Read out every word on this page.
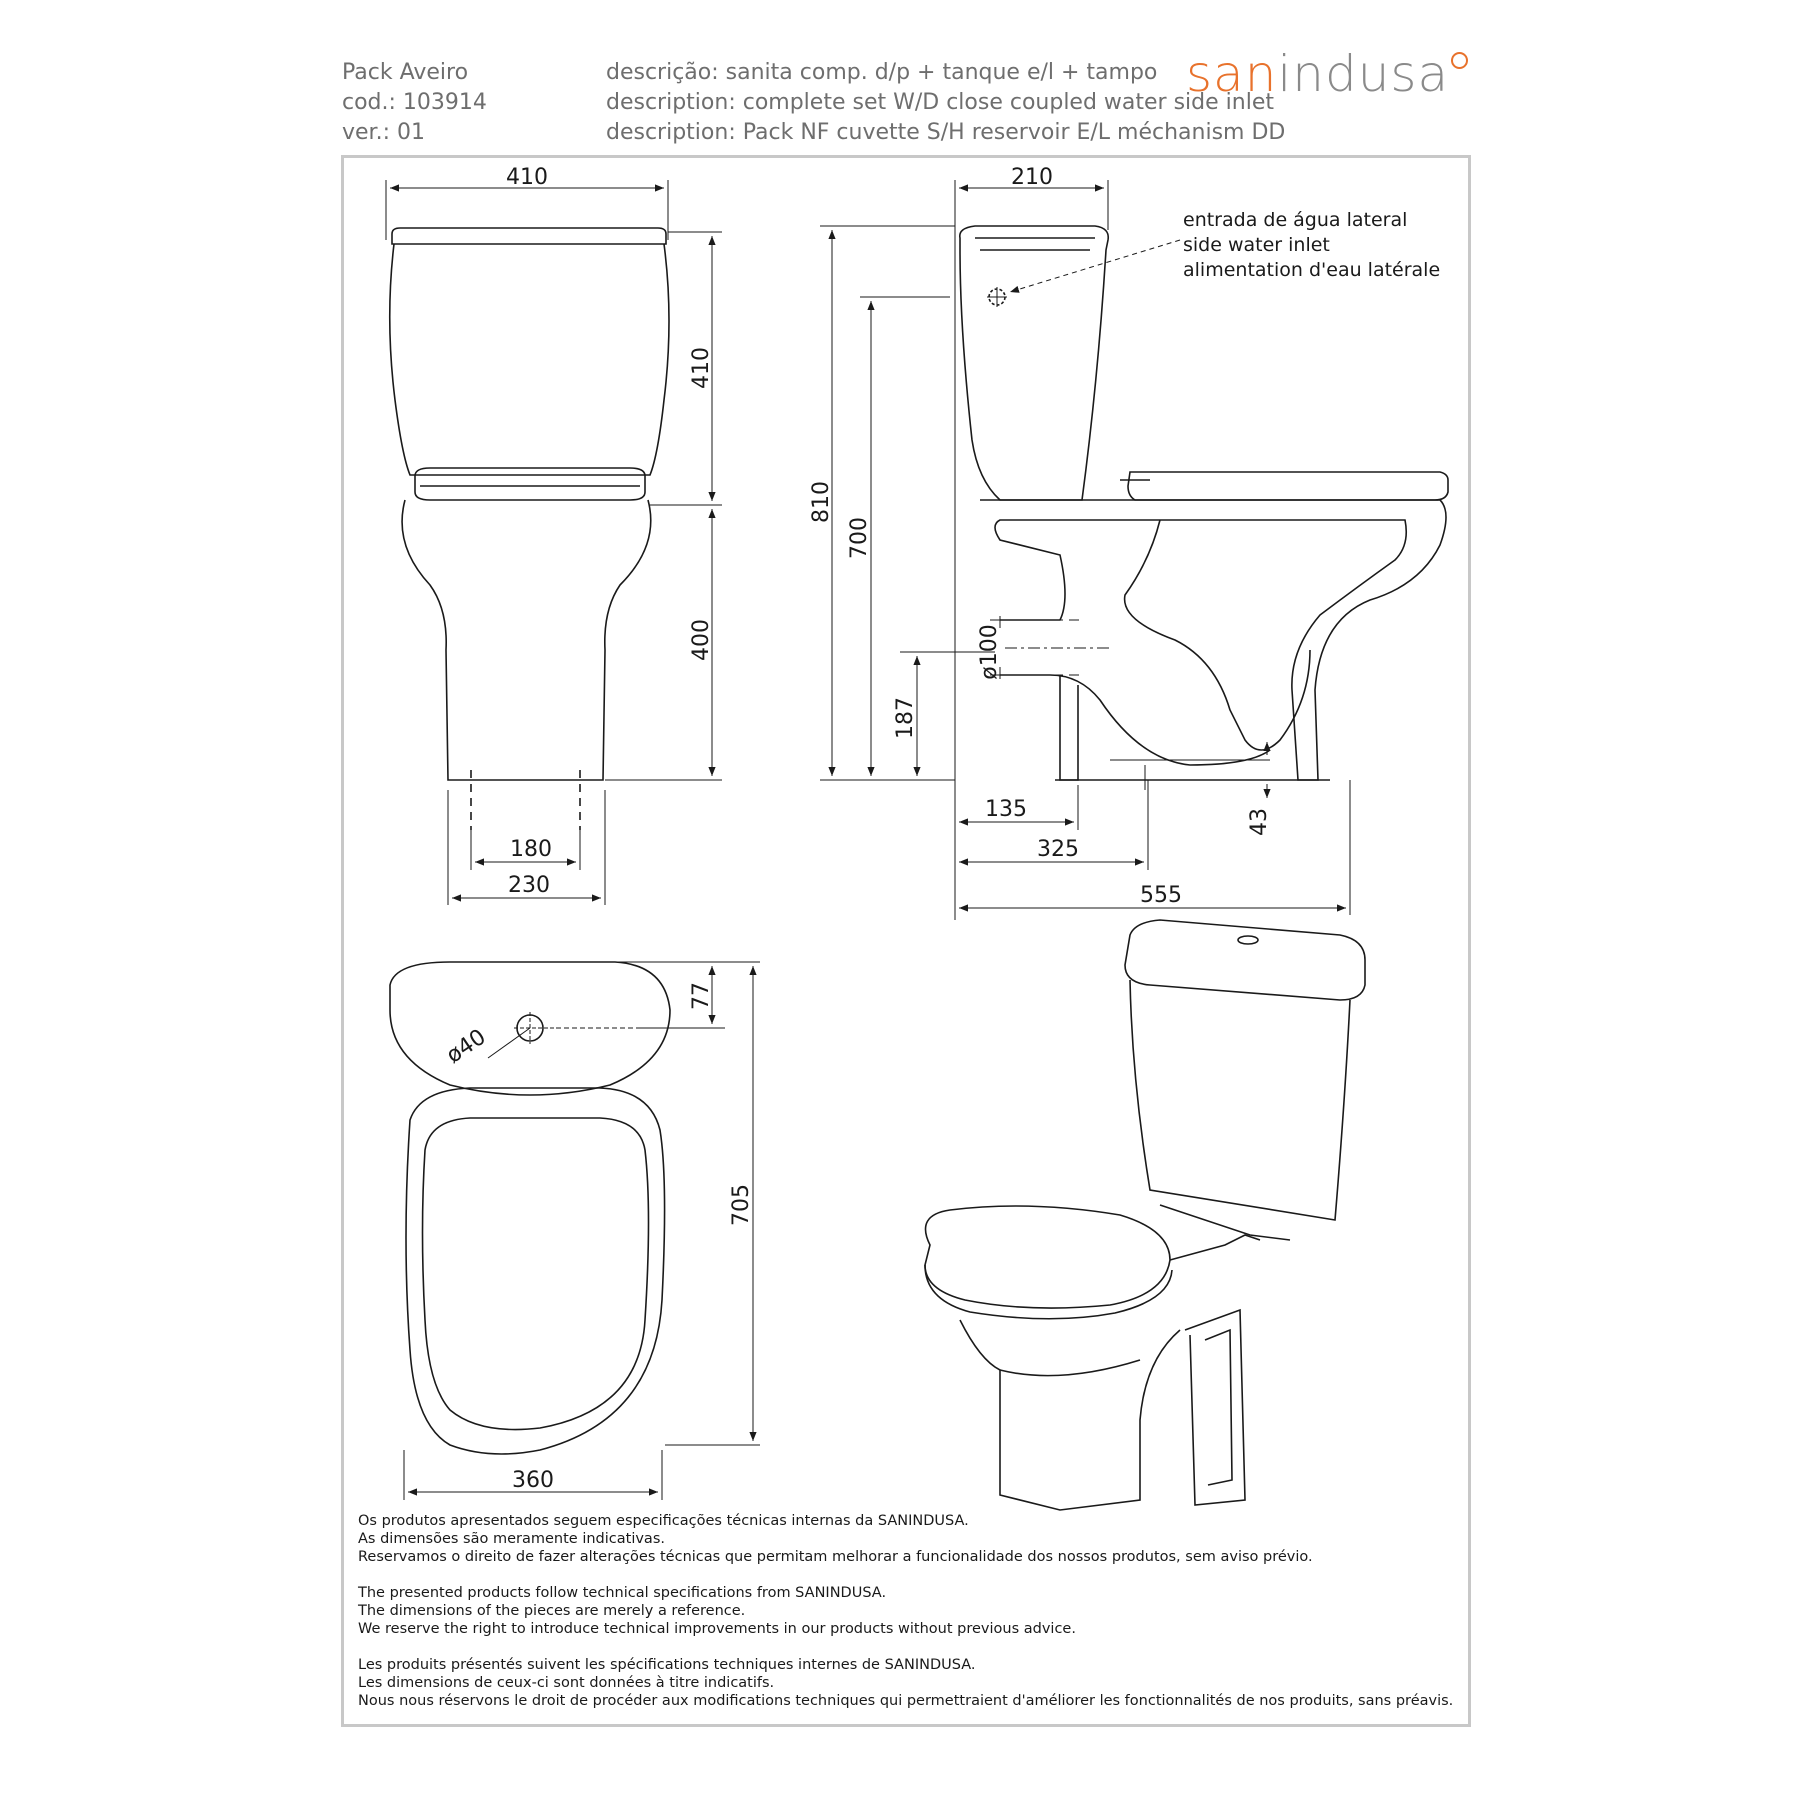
Pack Aveiro
cod.: 103914
ver.: 01
descrição: sanita comp. d/p + tanque e/l + tampo
description: complete set W/D close coupled water side inlet
description: Pack NF cuvette S/H reservoir E/L méchanism DD
sanindusa
410
410
400
180
230
210
810
700
ø100
187
135
325
43
555
77
ø40
705
360
entrada de água lateral
side water inlet
alimentation d'eau latérale
Os produtos apresentados seguem especificações técnicas internas da SANINDUSA.
As dimensões são meramente indicativas.
Reservamos o direito de fazer alterações técnicas que permitam melhorar a funcionalidade dos nossos produtos, sem aviso prévio.
The presented products follow technical specifications from SANINDUSA.
The dimensions of the pieces are merely a reference.
We reserve the right to introduce technical improvements in our products without previous advice.
Les produits présentés suivent les spécifications techniques internes de SANINDUSA.
Les dimensions de ceux-ci sont données à titre indicatifs.
Nous nous réservons le droit de procéder aux modifications techniques qui permettraient d'améliorer les fonctionnalités de nos produits, sans préavis.
